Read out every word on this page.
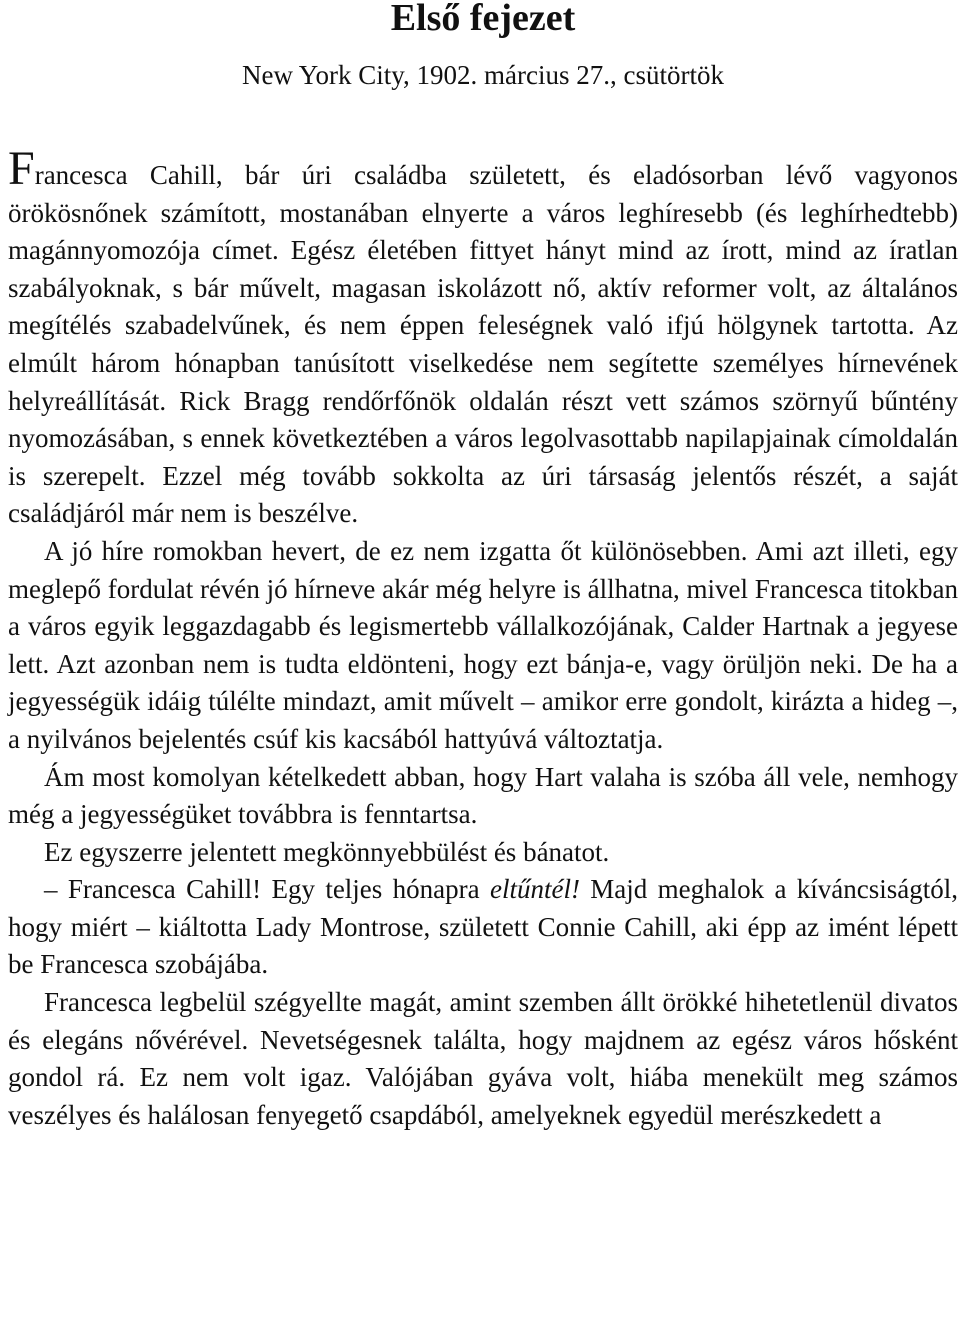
Első fejezet
New York City, 1902. március 27., csütörtök

Francesca Cahill, bár úri családba született, és eladósorban lévő vagyonos örökösnőnek számított, mostanában elnyerte a város leghíresebb (és leghírhedtebb) magánnyomozója címet. Egész életében fittyet hányt mind az írott, mind az íratlan szabályoknak, s bár művelt, magasan iskolázott nő, aktív reformer volt, az általános megítélés szabadelvűnek, és nem éppen feleségnek való ifjú hölgynek tartotta. Az elmúlt három hónapban tanúsított viselkedése nem segítette személyes hírnevének helyreállítását. Rick Bragg rendőrfőnök oldalán részt vett számos szörnyű bűntény nyomozásában, s ennek következtében a város legolvasottabb napilapjainak címoldalán is szerepelt. Ezzel még tovább sokkolta az úri társaság jelentős részét, a saját családjáról már nem is beszélve.

A jó híre romokban hevert, de ez nem izgatta őt különösebben. Ami azt illeti, egy meglepő fordulat révén jó hírneve akár még helyre is állhatna, mivel Francesca titokban a város egyik leggazdagabb és legismertebb vállalkozójának, Calder Hartnak a jegyese lett. Azt azonban nem is tudta eldönteni, hogy ezt bánja-e, vagy örüljön neki. De ha a jegyességük idáig túlélte mindazt, amit művelt – amikor erre gondolt, kirázta a hideg –, a nyilvános bejelentés csúf kis kacsából hattyúvá változtatja.

Ám most komolyan kételkedett abban, hogy Hart valaha is szóba áll vele, nemhogy még a jegyességüket továbbra is fenntartsa.

Ez egyszerre jelentett megkönnyebbülést és bánatot.

– Francesca Cahill! Egy teljes hónapra eltűntél! Majd meghalok a kíváncsiságtól, hogy miért – kiáltotta Lady Montrose, született Connie Cahill, aki épp az imént lépett be Francesca szobájába.

Francesca legbelül szégyellte magát, amint szemben állt örökké hihetetlenül divatos és elegáns nővérével. Nevetségesnek találta, hogy majdnem az egész város hősként gondol rá. Ez nem volt igaz. Valójában gyáva volt, hiába menekült meg számos veszélyes és halálosan fenyegető csapdából, amelyeknek egyedül merészkedett a
